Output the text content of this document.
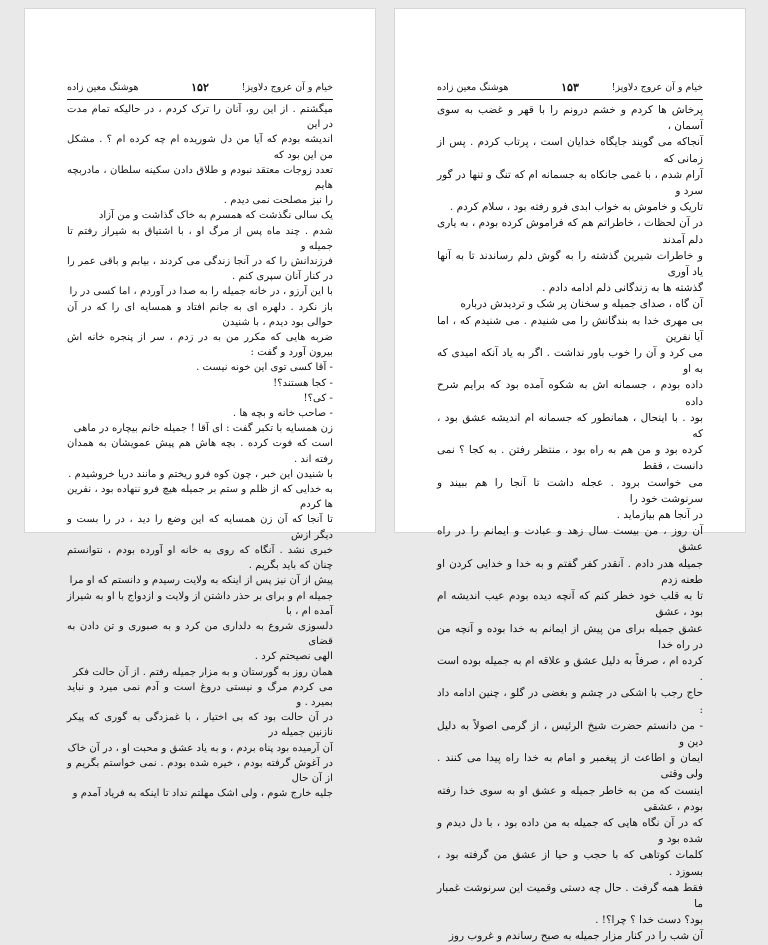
خیام و آن عروج دلاویز!
۱۵۲
هوشنگ معین زاده

میگشتم . از این رو، آنان را ترک کردم ، در حالیکه تمام مدت در این

اندیشه بودم که آیا من دل شوریده ام چه کرده ام ؟ . مشکل من این بود که

تعدد زوجات معتقد نبودم و طلاق دادن سکینه سلطان ، مادربچه هایم

را نیز مصلحت نمی دیدم .

یک سالی نگذشت که همسرم به خاک گذاشت و من آزاد

شدم . چند ماه پس از مرگ او ، با اشتیاق به شیراز رفتم تا جمیله و

فرزندانش را که در آنجا زندگی می کردند ، بیابم و باقی عمر را در کنار آنان سپری کنم .

با این آرزو ، در خانه جمیله را به صدا در آوردم ، اما کسی در را

باز نکرد . دلهره ای به جانم افتاد و همسایه ای را که در آن حوالی بود دیدم ، با شنیدن

ضربه هایی که مکرر من به در زدم ، سر از پنجره خانه اش بیرون آورد و گفت :

- آقا کسی توی این خونه نیست .

- کجا هستند؟!

- کی؟!

- صاحب خانه و بچه ها .

زن همسایه با تکبر گفت : ای آقا ! جمیله خانم بیچاره در ماهی

است که فوت کرده . بچه هاش هم پیش عمویشان به همدان رفته اند .

با شنیدن این خبر ، چون کوه فرو ریختم و مانند دریا خروشیدم .

به خدایی که از ظلم و ستم بر جمیله هیچ فرو ننهاده بود ، نفرین ها کردم

تا آنجا که آن زن همسایه که این وضع را دید ، در را بست و دیگر ازش

خبری نشد . آنگاه که روی به خانه او آورده بودم ، نتوانستم چنان که باید بگریم .

پیش از آن نیز پس از اینکه به ولایت رسیدم و دانستم که او مرا

جمیله ام و برای بر حذر داشتن از ولایت و ازدواج با او به شیراز آمده ام ، با

دلسوزی شروع به دلداری من کرد و به صبوری و تن دادن به قضای

الهی نصیحتم کرد .

همان روز به گورستان و به مزار جمیله رفتم . از آن حالت فکر

می کردم مرگ و نیستی دروغ است و آدم نمی میرد و نباید بمیرد . و

در آن حالت بود که بی اختیار ، با غمزدگی به گوری که پیکر نازنین جمیله در

آن آرمیده بود پناه بردم ، و به یاد عشق و محبت او ، در آن خاک

در آغوش گرفته بودم ، خیره شده بودم . نمی خواستم بگریم و از آن حال

جلیه خارج شوم ، ولی اشک مهلتم نداد تا اینکه به فریاد آمدم و

خیام و آن عروج دلاویز!
۱۵۳
هوشنگ معین زاده

پرخاش ها کردم و خشم درونم را با قهر و غضب به سوی آسمان ،

آنجاکه می گویند جایگاه خدایان است ، پرتاب کردم . پس از زمانی که

آرام شدم ، با غمی جانکاه به جسمانه ام که تنگ و تنها در گور سرد و

تاریک و خاموش به خواب ابدی فرو رفته بود ، سلام کردم .

در آن لحظات ، خاطراتم هم که فراموش کرده بودم ، به یاری دلم آمدند

و خاطرات شیرین گذشته را به گوش دلم رساندند تا به آنها یاد آوری

گذشته ها به زندگانی دلم ادامه دادم .

آن گاه ، صدای جمیله و سخنان پر شک و تردیدش درباره

بی مهری خدا به بندگانش را می شنیدم . می شنیدم که ، اما آیا نفرین

می کرد و آن را خوب باور نداشت . اگر به یاد آنکه امیدی که به او

داده بودم ، جسمانه اش به شکوه آمده بود که برایم شرح داده

بود . با اینحال ، همانطور که جسمانه ام اندیشه عشق بود ، که

کرده بود و من هم به راه بود ، منتظر رفتن . به کجا ؟ نمی دانست ، فقط

می خواست برود . عجله داشت تا آنجا را هم ببیند و سرنوشت خود را

در آنجا هم بیازماید .

آن روز ، من بیست سال زهد و عبادت و ایمانم را در راه عشق

جمیله هدر دادم . آنقدر کفر گفتم و به خدا و خدایی کردن او طعنه زدم

تا به قلب خود خطر کنم که آنچه دیده بودم عیب اندیشه ام بود ، عشق

عشق جمیله برای من پیش از ایمانم به خدا بوده و آنچه من در راه خدا

کرده ام ، صرفاً به دلیل عشق و علاقه ام به جمیله بوده است .

حاج رجب با اشکی در چشم و بغضی در گلو ، چنین ادامه داد :

- من دانستم حضرت شیخ الرئیس ، از گرمی اصولاً به دلیل دین و

ایمان و اطاعت از پیغمبر و امام به خدا راه پیدا می کنند . ولی وقتی

اینست که من به خاطر جمیله و عشق او به سوی خدا رفته بودم ، عشقی

که در آن نگاه هایی که جمیله به من داده بود ، با دل دیدم و شده بود و

کلمات کوتاهی که با حجب و حیا از عشق من گرفته بود ، بسوزد .

فقط همه گرفت . حال چه دستی وقمیت این سرنوشت غمبار ما

بود؟ دست خدا ؟ چرا؟! .

آن شب را در کنار مزار جمیله به صبح رساندم و غروب روز
